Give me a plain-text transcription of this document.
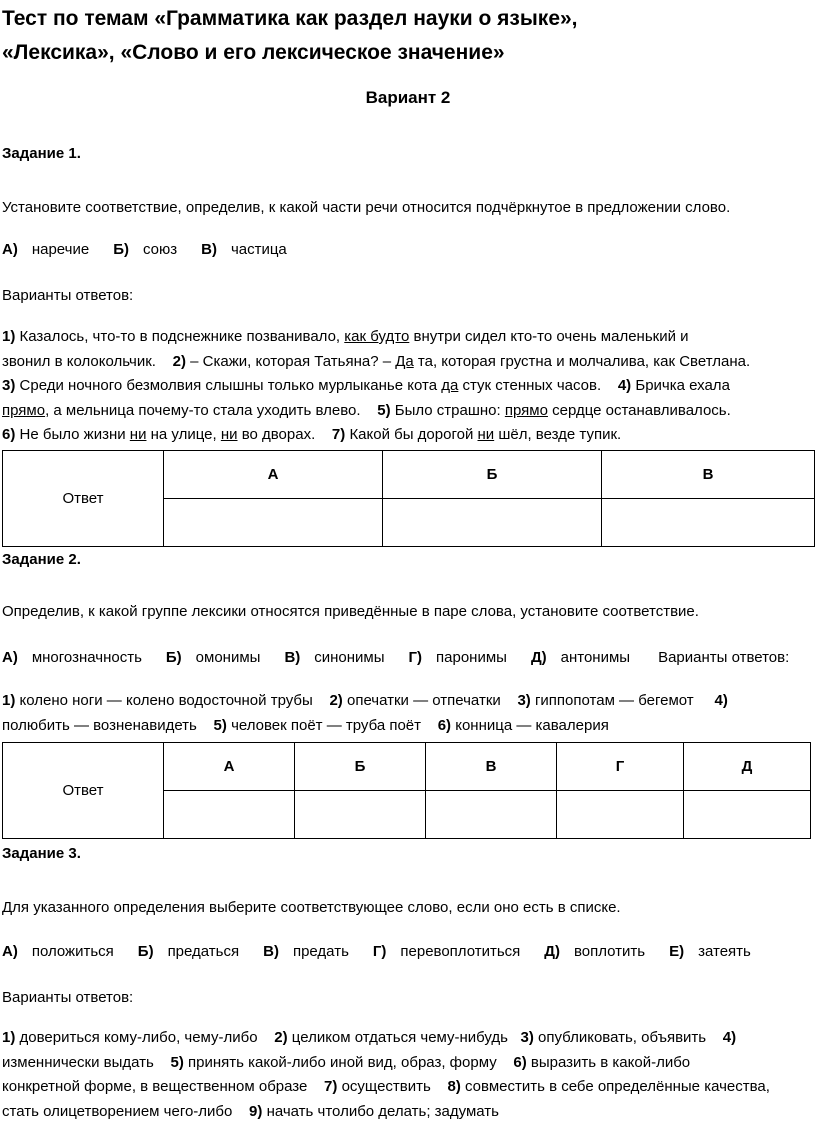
Тест по темам «Грамматика как раздел науки о языке»,
«Лексика», «Слово и его лексическое значение»
Вариант 2
Задание 1.
Установите соответствие, определив, к какой части речи относится подчёркнутое в предложении слово.
А) наречие Б) союз В) частица
Варианты ответов:
1) Казалось, что-то в подснежнике позванивало, как будто внутри сидел кто-то очень маленький и
звонил в колокольчик. 2) – Скажи, которая Татьяна? – Да та, которая грустна и молчалива, как Светлана.
3) Среди ночного безмолвия слышны только мурлыканье кота да стук стенных часов. 4) Бричка ехала
прямо, а мельница почему-то стала уходить влево. 5) Было страшно: прямо сердце останавливалось.
6) Не было жизни ни на улице, ни во дворах. 7) Какой бы дорогой ни шёл, везде тупик.
Ответ	А	Б	В

Задание 2.
Определив, к какой группе лексики относятся приведённые в паре слова, установите соответствие.
А) многозначность Б) омонимы В) синонимы Г) паронимы Д) антонимы Варианты ответов:
1) колено ноги — колено водосточной трубы 2) опечатки — отпечатки 3) гиппопотам — бегемот 4)
полюбить — возненавидеть 5) человек поёт — труба поёт 6) конница — кавалерия
Ответ	А	Б	В	Г	Д

Задание 3.
Для указанного определения выберите соответствующее слово, если оно есть в списке.
А) положиться Б) предаться В) предать Г) перевоплотиться Д) воплотить Е) затеять
Варианты ответов:
1) довериться кому-либо, чему-либо 2) целиком отдаться чему-нибудь 3) опубликовать, объявить 4)
изменнически выдать 5) принять какой-либо иной вид, образ, форму 6) выразить в какой-либо
конкретной форме, в вещественном образе 7) осуществить 8) совместить в себе определённые качества,
стать олицетворением чего-либо 9) начать чтолибо делать; задумать
